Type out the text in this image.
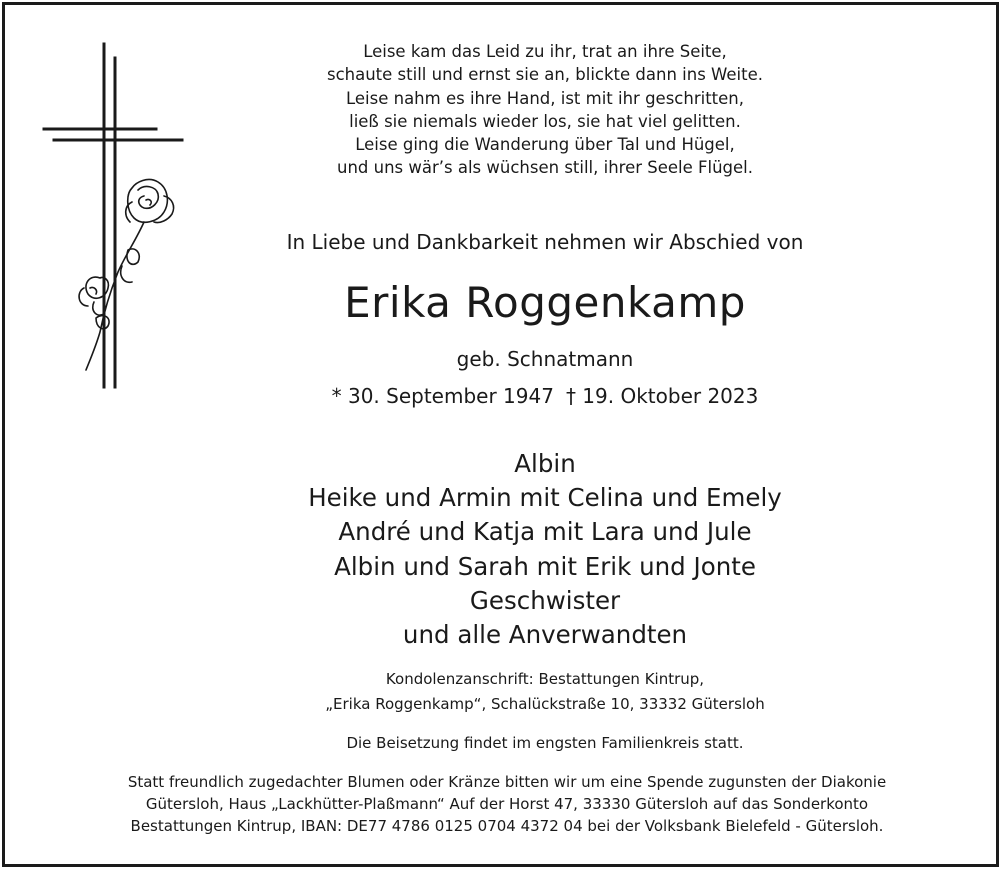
Leise kam das Leid zu ihr, trat an ihre Seite,
schaute still und ernst sie an, blickte dann ins Weite.
Leise nahm es ihre Hand, ist mit ihr geschritten,
ließ sie niemals wieder los, sie hat viel gelitten.
Leise ging die Wanderung über Tal und Hügel,
und uns wär’s als wüchsen still, ihrer Seele Flügel.
In Liebe und Dankbarkeit nehmen wir Abschied von
Erika Roggenkamp
geb. Schnatmann
* 30. September 1947 † 19. Oktober 2023
Albin
Heike und Armin mit Celina und Emely
André und Katja mit Lara und Jule
Albin und Sarah mit Erik und Jonte
Geschwister
und alle Anverwandten
Kondolenzanschrift: Bestattungen Kintrup,
„Erika Roggenkamp“, Schalückstraße 10, 33332 Gütersloh
Die Beisetzung findet im engsten Familienkreis statt.
Statt freundlich zugedachter Blumen oder Kränze bitten wir um eine Spende zugunsten der Diakonie
Gütersloh, Haus „Lackhütter-Plaßmann“ Auf der Horst 47, 33330 Gütersloh auf das Sonderkonto
Bestattungen Kintrup, IBAN: DE77 4786 0125 0704 4372 04 bei der Volksbank Bielefeld - Gütersloh.
